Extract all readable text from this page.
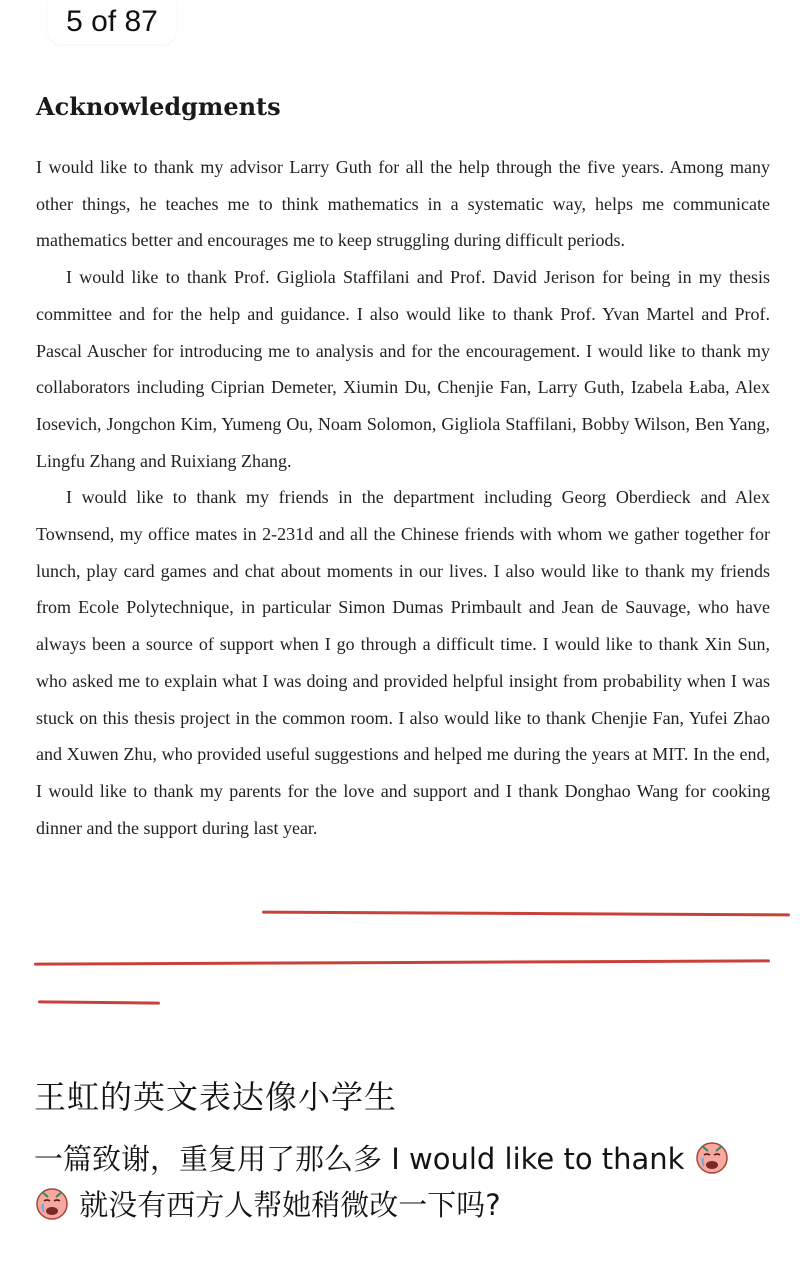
5 of 87
Acknowledgments

I would like to thank my advisor Larry Guth for all the help through the five years. Among many other things, he teaches me to think mathematics in a systematic way, helps me communicate mathematics better and encourages me to keep struggling during difficult periods.

I would like to thank Prof. Gigliola Staffilani and Prof. David Jerison for being in my thesis committee and for the help and guidance. I also would like to thank Prof. Yvan Martel and Prof. Pascal Auscher for introducing me to analysis and for the encouragement. I would like to thank my collaborators including Ciprian Demeter, Xiumin Du, Chenjie Fan, Larry Guth, Izabela Łaba, Alex Iosevich, Jongchon Kim, Yumeng Ou, Noam Solomon, Gigliola Staffilani, Bobby Wilson, Ben Yang, Lingfu Zhang and Ruixiang Zhang.

I would like to thank my friends in the department including Georg Oberdieck and Alex Townsend, my office mates in 2-231d and all the Chinese friends with whom we gather together for lunch, play card games and chat about moments in our lives. I also would like to thank my friends from Ecole Polytechnique, in particular Simon Dumas Primbault and Jean de Sauvage, who have always been a source of support when I go through a difficult time. I would like to thank Xin Sun, who asked me to explain what I was doing and provided helpful insight from probability when I was stuck on this thesis project in the common room. I also would like to thank Chenjie Fan, Yufei Zhao and Xuwen Zhu, who provided useful suggestions and helped me during the years at MIT. In the end, I would like to thank my parents for the love and support and I thank Donghao Wang for cooking dinner and the support during last year.

王虹的英文表达像小学生

一篇致谢，重复用了那么多 I would like to thank
就没有西方人帮她稍微改一下吗?
